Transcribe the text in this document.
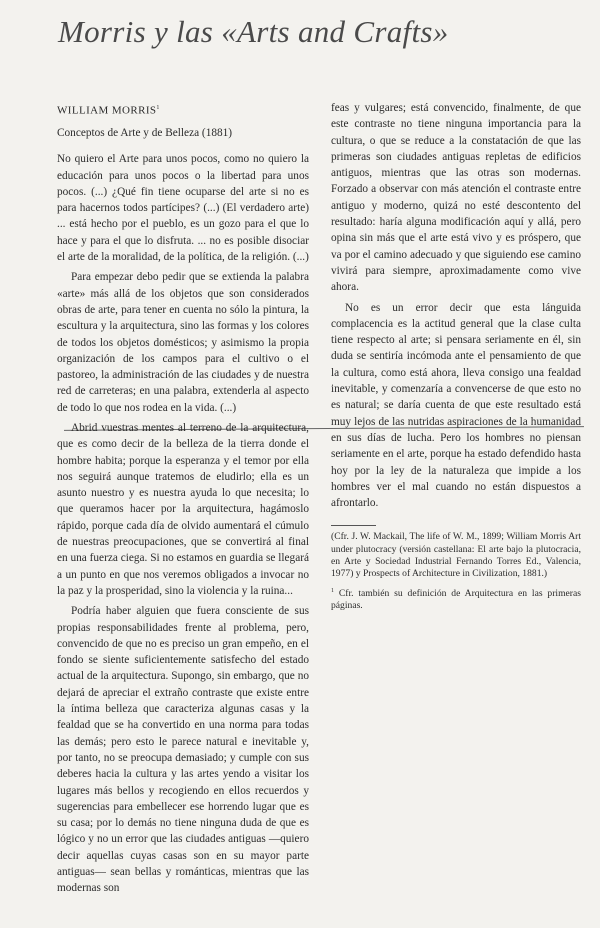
Morris y las «Arts and Crafts»
WILLIAM MORRIS$^1$

Conceptos de Arte y de Belleza (1881)

No quiero el Arte para unos pocos, como no quiero la educación para unos pocos o la libertad para unos pocos. (...) ¿Qué fin tiene ocuparse del arte si no es para hacernos todos partícipes? (...) (El verdadero arte) ... está hecho por el pueblo, es un gozo para el que lo hace y para el que lo disfruta. ... no es posible disociar el arte de la moralidad, de la política, de la religión. (...)

Para empezar debo pedir que se extienda la palabra «arte» más allá de los objetos que son considerados obras de arte, para tener en cuenta no sólo la pintura, la escultura y la arquitectura, sino las formas y los colores de todos los objetos domésticos; y asimismo la propia organización de los campos para el cultivo o el pastoreo, la administración de las ciudades y de nuestra red de carreteras; en una palabra, extenderla al aspecto de todo lo que nos rodea en la vida. (...)

Abrid vuestras mentes al terreno de la arquitectura, que es como decir de la belleza de la tierra donde el hombre habita; porque la esperanza y el temor por ella nos seguirá aunque tratemos de eludirlo; ella es un asunto nuestro y es nuestra ayuda lo que necesita; lo que queramos hacer por la arquitectura, hagámoslo rápido, porque cada día de olvido aumentará el cúmulo de nuestras preocupaciones, que se convertirá al final en una fuerza ciega. Si no estamos en guardia se llegará a un punto en que nos veremos obligados a invocar no la paz y la prosperidad, sino la violencia y la ruina...

Podría haber alguien que fuera consciente de sus propias responsabilidades frente al problema, pero, convencido de que no es preciso un gran empeño, en el fondo se siente suficientemente satisfecho del estado actual de la arquitectura. Supongo, sin embargo, que no dejará de apreciar el extraño contraste que existe entre la íntima belleza que caracteriza algunas casas y la fealdad que se ha convertido en una norma para todas las demás; pero esto le parece natural e inevitable y, por tanto, no se preocupa demasiado; y cumple con sus deberes hacia la cultura y las artes yendo a visitar los lugares más bellos y recogiendo en ellos recuerdos y sugerencias para embellecer ese horrendo lugar que es su casa; por lo demás no tiene ninguna duda de que es lógico y no un error que las ciudades antiguas —quiero decir aquellas cuyas casas son en su mayor parte antiguas— sean bellas y románticas, mientras que las modernas son

feas y vulgares; está convencido, finalmente, de que este contraste no tiene ninguna importancia para la cultura, o que se reduce a la constatación de que las primeras son ciudades antiguas repletas de edificios antiguos, mientras que las otras son modernas. Forzado a observar con más atención el contraste entre antiguo y moderno, quizá no esté descontento del resultado: haría alguna modificación aquí y allá, pero opina sin más que el arte está vivo y es próspero, que va por el camino adecuado y que siguiendo ese camino vivirá para siempre, aproximadamente como vive ahora.

No es un error decir que esta lánguida complacencia es la actitud general que la clase culta tiene respecto al arte; si pensara seriamente en él, sin duda se sentiría incómoda ante el pensamiento de que la cultura, como está ahora, lleva consigo una fealdad inevitable, y comenzaría a convencerse de que esto no es natural; se daría cuenta de que este resultado está muy lejos de las nutridas aspiraciones de la humanidad en sus días de lucha. Pero los hombres no piensan seriamente en el arte, porque ha estado defendido hasta hoy por la ley de la naturaleza que impide a los hombres ver el mal cuando no están dispuestos a afrontarlo.

(Cfr. J. W. Mackail, The life of W. M., 1899; William Morris Art under plutocracy (versión castellana: El arte bajo la plutocracia, en Arte y Sociedad Industrial Fernando Torres Ed., Valencia, 1977) y Prospects of Architecture in Civilization, 1881.)

$^1$ Cfr. también su definición de Arquitectura en las primeras páginas.
